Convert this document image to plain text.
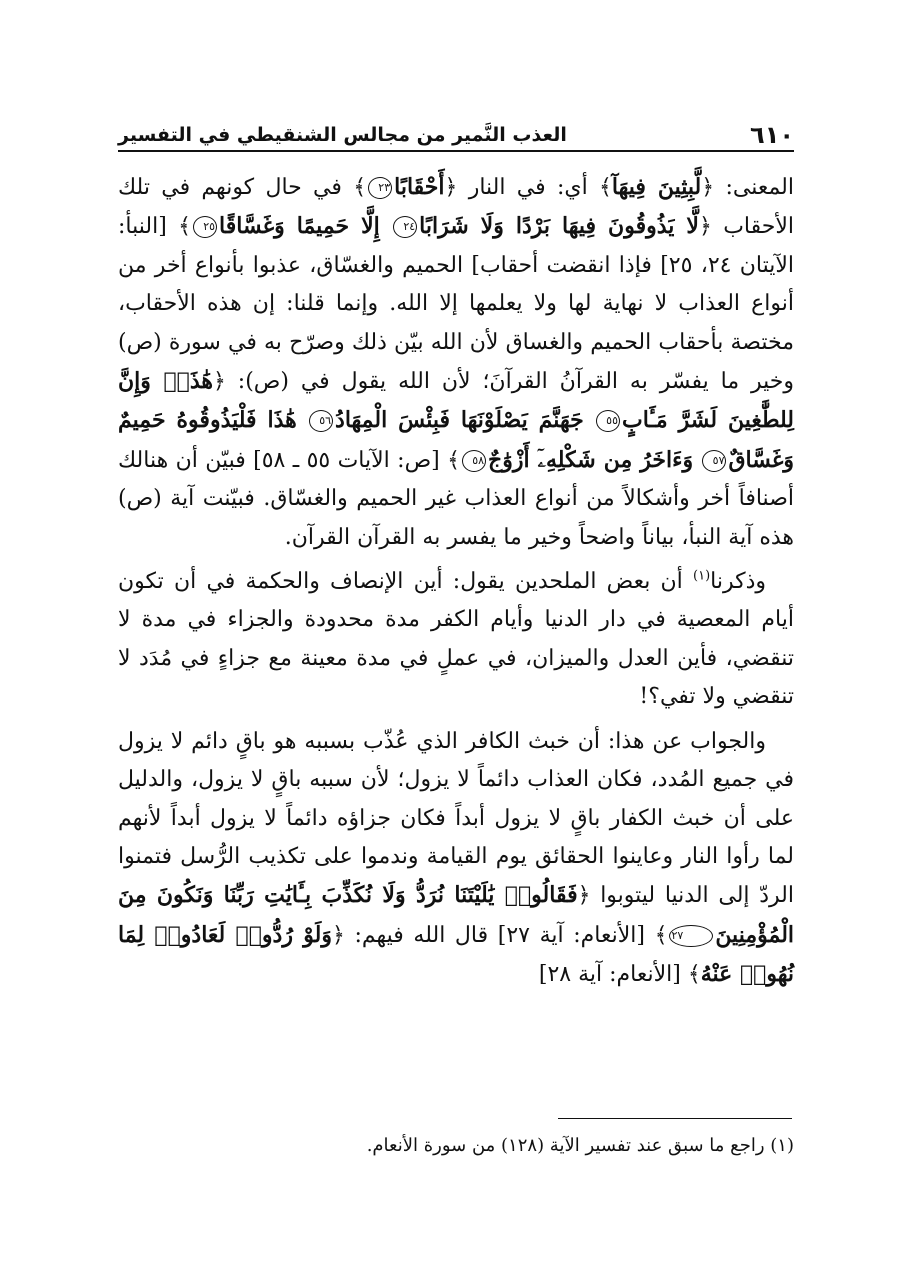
٦١٠
العذب النَّمير من مجالس الشنقيطي في التفسير

المعنى: ﴿لَّبِثِينَ فِيهَآ﴾ أي: في النار ﴿أَحْقَابًا٢٣﴾ في حال كونهم في تلك الأحقاب ﴿لَّا يَذُوقُونَ فِيهَا بَرْدًا وَلَا شَرَابًا٢٤ إِلَّا حَمِيمًا وَغَسَّاقًا٢٥﴾ [النبأ: الآيتان ٢٤، ٢٥] فإذا انقضت أحقاب] الحميم والغسّاق، عذبوا بأنواع أخر من أنواع العذاب لا نهاية لها ولا يعلمها إلا الله. وإنما قلنا: إن هذه الأحقاب، مختصة بأحقاب الحميم والغساق لأن الله بيّن ذلك وصرّح به في سورة (ص) وخير ما يفسّر به القرآنُ القرآنَ؛ لأن الله يقول في (ص): ﴿هَٰذَاۚ وَإِنَّ لِلطَّٰغِينَ لَشَرَّ مَـَٔابٍ٥٥ جَهَنَّمَ يَصْلَوْنَهَا فَبِئْسَ الْمِهَادُ٥٦ هَٰذَا فَلْيَذُوقُوهُ حَمِيمٌ وَغَسَّاقٌ٥٧ وَءَاخَرُ مِن شَكْلِهِۦٓ أَزْوَٰجٌ٥٨﴾ [ص: الآيات ٥٥ ـ ٥٨] فبيّن أن هنالك أصنافاً أخر وأشكالاً من أنواع العذاب غير الحميم والغسّاق. فبيّنت آية (ص) هذه آية النبأ، بياناً واضحاً وخير ما يفسر به القرآن القرآن.

وذكرنا$^{(١)}$ أن بعض الملحدين يقول: أين الإنصاف والحكمة في أن تكون أيام المعصية في دار الدنيا وأيام الكفر مدة محدودة والجزاء في مدة لا تنقضي، فأين العدل والميزان، في عملٍ في مدة معينة مع جزاءٍ في مُدَد لا تنقضي ولا تفي؟!

والجواب عن هذا: أن خبث الكافر الذي عُذّب بسببه هو باقٍ دائم لا يزول في جميع المُدد، فكان العذاب دائماً لا يزول؛ لأن سببه باقٍ لا يزول، والدليل على أن خبث الكفار باقٍ لا يزول أبداً فكان جزاؤه دائماً لا يزول أبداً لأنهم لما رأوا النار وعاينوا الحقائق يوم القيامة وندموا على تكذيب الرُّسل فتمنوا الردّ إلى الدنيا ليتوبوا ﴿فَقَالُوا۟ يَٰلَيْتَنَا نُرَدُّ وَلَا نُكَذِّبَ بِـَٔايَٰتِ رَبِّنَا وَنَكُونَ مِنَ الْمُؤْمِنِينَ٢٧﴾ [الأنعام: آية ٢٧] قال الله فيهم: ﴿وَلَوْ رُدُّوا۟ لَعَادُوا۟ لِمَا نُهُوا۟ عَنْهُ﴾ [الأنعام: آية ٢٨]

(١) راجع ما سبق عند تفسير الآية (١٢٨) من سورة الأنعام.
